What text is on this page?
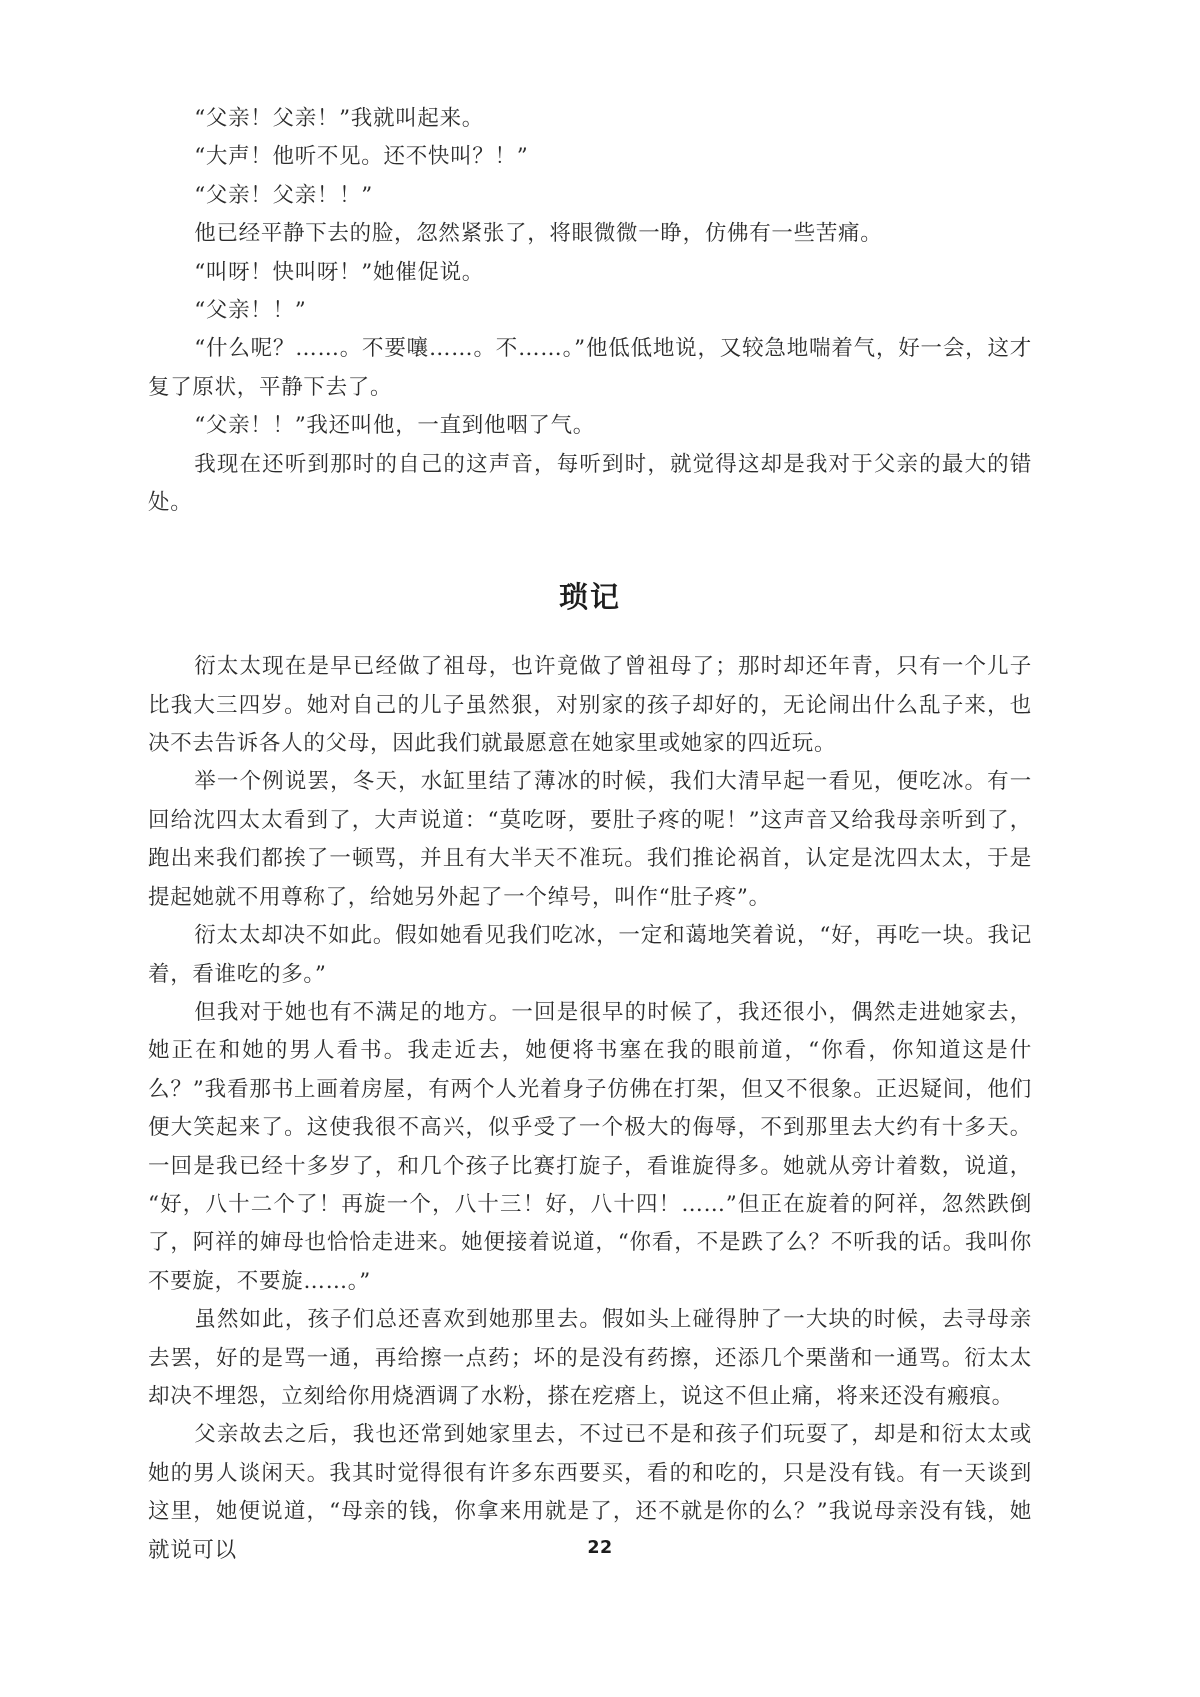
“父亲！父亲！”我就叫起来。

“大声！他听不见。还不快叫？！”

“父亲！父亲！！”

他已经平静下去的脸，忽然紧张了，将眼微微一睁，仿佛有一些苦痛。

“叫呀！快叫呀！”她催促说。

“父亲！！”

“什么呢？……。不要嚷……。不……。”他低低地说，又较急地喘着气，好一会，这才复了原状，平静下去了。

“父亲！！”我还叫他，一直到他咽了气。

我现在还听到那时的自己的这声音，每听到时，就觉得这却是我对于父亲的最大的错处。

琐记

衍太太现在是早已经做了祖母，也许竟做了曾祖母了；那时却还年青，只有一个儿子比我大三四岁。她对自己的儿子虽然狠，对别家的孩子却好的，无论闹出什么乱子来，也决不去告诉各人的父母，因此我们就最愿意在她家里或她家的四近玩。

举一个例说罢，冬天，水缸里结了薄冰的时候，我们大清早起一看见，便吃冰。有一回给沈四太太看到了，大声说道：“莫吃呀，要肚子疼的呢！”这声音又给我母亲听到了，跑出来我们都挨了一顿骂，并且有大半天不准玩。我们推论祸首，认定是沈四太太，于是提起她就不用尊称了，给她另外起了一个绰号，叫作“肚子疼”。

衍太太却决不如此。假如她看见我们吃冰，一定和蔼地笑着说，“好，再吃一块。我记着，看谁吃的多。”

但我对于她也有不满足的地方。一回是很早的时候了，我还很小，偶然走进她家去，她正在和她的男人看书。我走近去，她便将书塞在我的眼前道，“你看，你知道这是什么？”我看那书上画着房屋，有两个人光着身子仿佛在打架，但又不很象。正迟疑间，他们便大笑起来了。这使我很不高兴，似乎受了一个极大的侮辱，不到那里去大约有十多天。一回是我已经十多岁了，和几个孩子比赛打旋子，看谁旋得多。她就从旁计着数，说道，“好，八十二个了！再旋一个，八十三！好，八十四！……”但正在旋着的阿祥，忽然跌倒了，阿祥的婶母也恰恰走进来。她便接着说道，“你看，不是跌了么？不听我的话。我叫你不要旋，不要旋……。”

虽然如此，孩子们总还喜欢到她那里去。假如头上碰得肿了一大块的时候，去寻母亲去罢，好的是骂一通，再给擦一点药；坏的是没有药擦，还添几个栗凿和一通骂。衍太太却决不埋怨，立刻给你用烧酒调了水粉，搽在疙瘩上，说这不但止痛，将来还没有瘢痕。

父亲故去之后，我也还常到她家里去，不过已不是和孩子们玩耍了，却是和衍太太或她的男人谈闲天。我其时觉得很有许多东西要买，看的和吃的，只是没有钱。有一天谈到这里，她便说道，“母亲的钱，你拿来用就是了，还不就是你的么？”我说母亲没有钱，她就说可以	22
